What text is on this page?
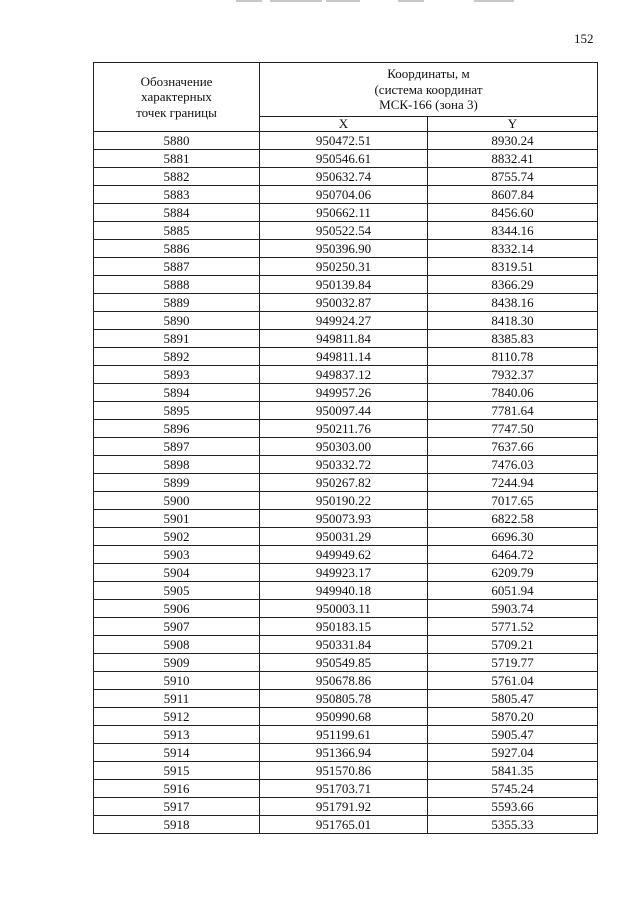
152
Обозначение
характерных
точек границы	Координаты, м
(система координат
МСК-166 (зона 3)	

	X	Y
5880	950472.51	8930.24
5881	950546.61	8832.41
5882	950632.74	8755.74
5883	950704.06	8607.84
5884	950662.11	8456.60
5885	950522.54	8344.16
5886	950396.90	8332.14
5887	950250.31	8319.51
5888	950139.84	8366.29
5889	950032.87	8438.16
5890	949924.27	8418.30
5891	949811.84	8385.83
5892	949811.14	8110.78
5893	949837.12	7932.37
5894	949957.26	7840.06
5895	950097.44	7781.64
5896	950211.76	7747.50
5897	950303.00	7637.66
5898	950332.72	7476.03
5899	950267.82	7244.94
5900	950190.22	7017.65
5901	950073.93	6822.58
5902	950031.29	6696.30
5903	949949.62	6464.72
5904	949923.17	6209.79
5905	949940.18	6051.94
5906	950003.11	5903.74
5907	950183.15	5771.52
5908	950331.84	5709.21
5909	950549.85	5719.77
5910	950678.86	5761.04
5911	950805.78	5805.47
5912	950990.68	5870.20
5913	951199.61	5905.47
5914	951366.94	5927.04
5915	951570.86	5841.35
5916	951703.71	5745.24
5917	951791.92	5593.66
5918	951765.01	5355.33
